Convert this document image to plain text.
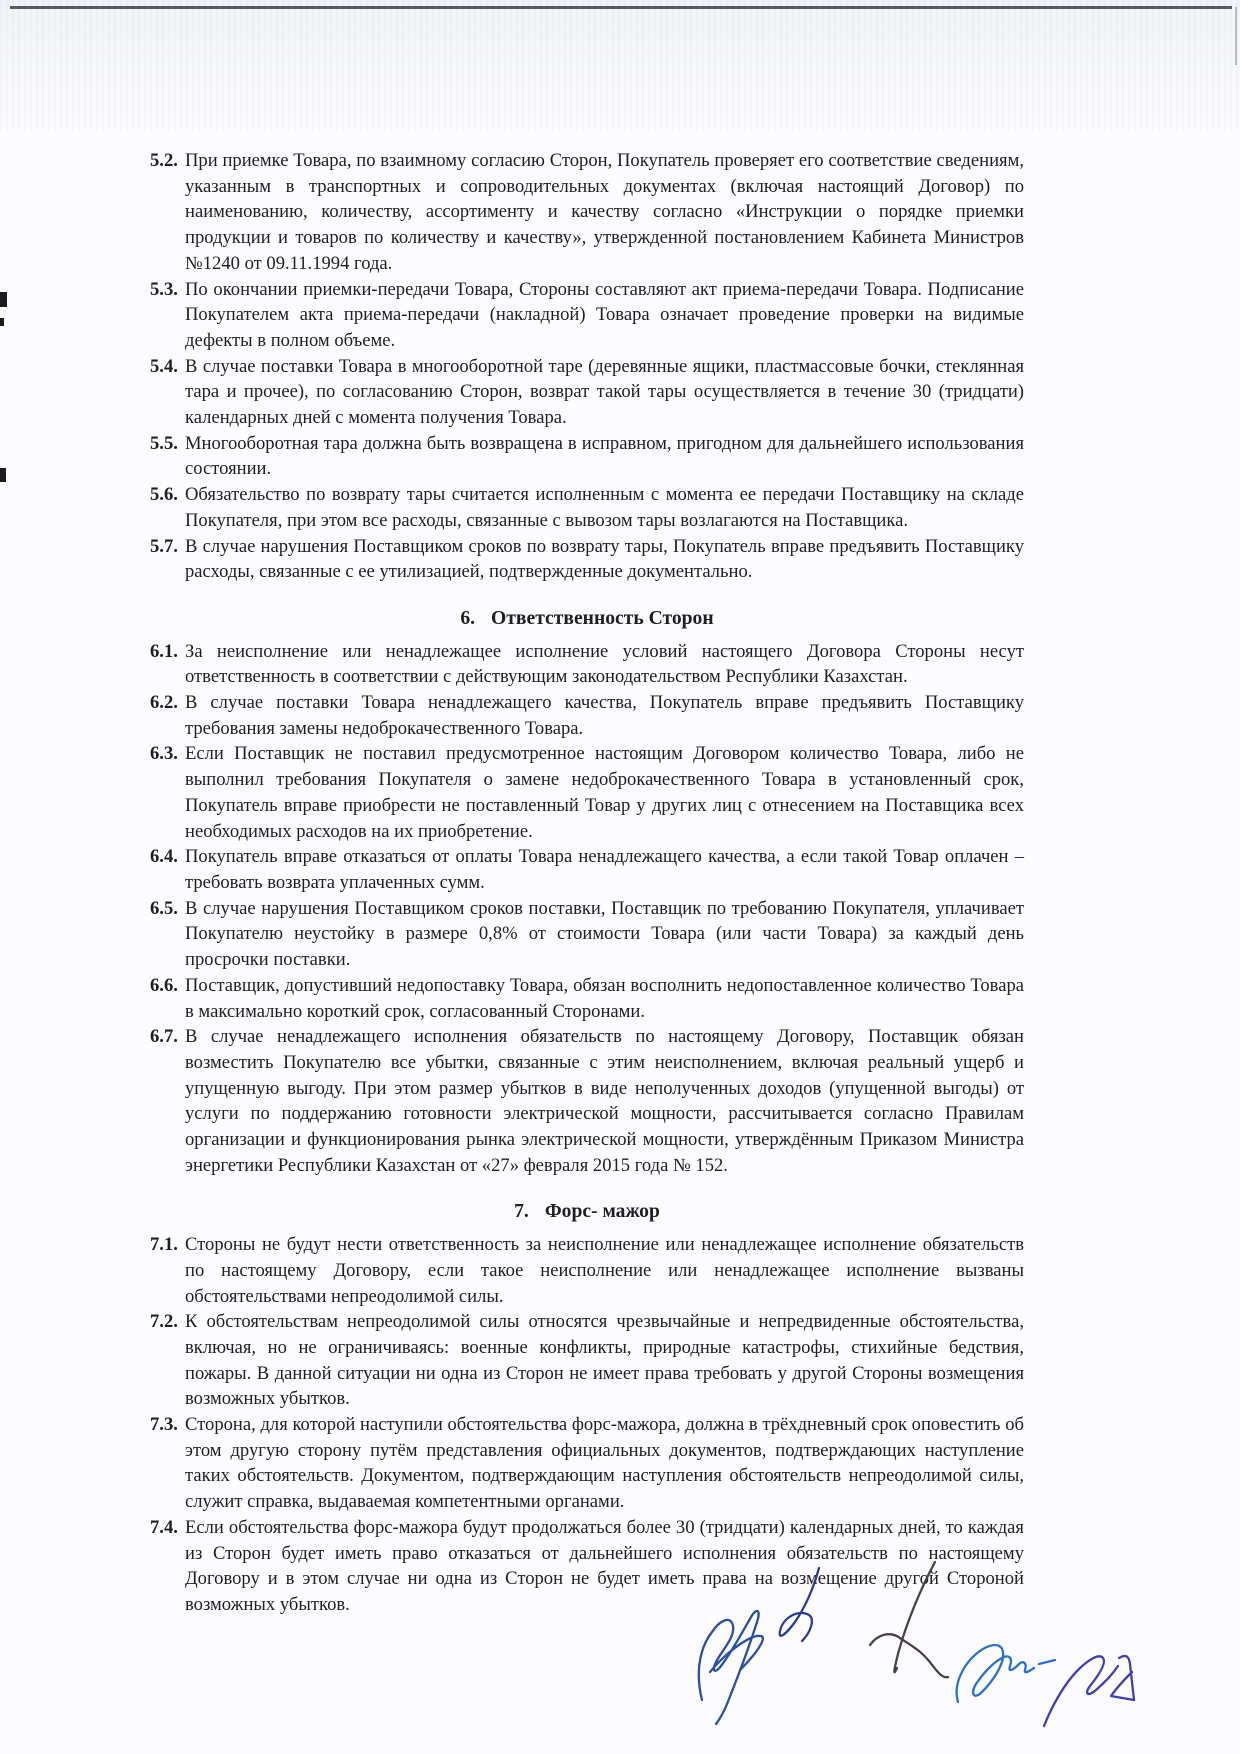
5.2. При приемке Товара, по взаимному согласию Сторон, Покупатель проверяет его соответствие сведениям, указанным в транспортных и сопроводительных документах (включая настоящий Договор) по наименованию, количеству, ассортименту и качеству согласно «Инструкции о порядке приемки продукции и товаров по количеству и качеству», утвержденной постановлением Кабинета Министров №1240 от 09.11.1994 года.
5.3. По окончании приемки-передачи Товара, Стороны составляют акт приема-передачи Товара. Подписание Покупателем акта приема-передачи (накладной) Товара означает проведение проверки на видимые дефекты в полном объеме.
5.4. В случае поставки Товара в многооборотной таре (деревянные ящики, пластмассовые бочки, стеклянная тара и прочее), по согласованию Сторон, возврат такой тары осуществляется в течение 30 (тридцати) календарных дней с момента получения Товара.
5.5. Многооборотная тара должна быть возвращена в исправном, пригодном для дальнейшего использования состоянии.
5.6. Обязательство по возврату тары считается исполненным с момента ее передачи Поставщику на складе Покупателя, при этом все расходы, связанные с вывозом тары возлагаются на Поставщика.
5.7. В случае нарушения Поставщиком сроков по возврату тары, Покупатель вправе предъявить Поставщику расходы, связанные с ее утилизацией, подтвержденные документально.
6. Ответственность Сторон
6.1. За неисполнение или ненадлежащее исполнение условий настоящего Договора Стороны несут ответственность в соответствии с действующим законодательством Республики Казахстан.
6.2. В случае поставки Товара ненадлежащего качества, Покупатель вправе предъявить Поставщику требования замены недоброкачественного Товара.
6.3. Если Поставщик не поставил предусмотренное настоящим Договором количество Товара, либо не выполнил требования Покупателя о замене недоброкачественного Товара в установленный срок, Покупатель вправе приобрести не поставленный Товар у других лиц с отнесением на Поставщика всех необходимых расходов на их приобретение.
6.4. Покупатель вправе отказаться от оплаты Товара ненадлежащего качества, а если такой Товар оплачен – требовать возврата уплаченных сумм.
6.5. В случае нарушения Поставщиком сроков поставки, Поставщик по требованию Покупателя, уплачивает Покупателю неустойку в размере 0,8% от стоимости Товара (или части Товара) за каждый день просрочки поставки.
6.6. Поставщик, допустивший недопоставку Товара, обязан восполнить недопоставленное количество Товара в максимально короткий срок, согласованный Сторонами.
6.7. В случае ненадлежащего исполнения обязательств по настоящему Договору, Поставщик обязан возместить Покупателю все убытки, связанные с этим неисполнением, включая реальный ущерб и упущенную выгоду. При этом размер убытков в виде неполученных доходов (упущенной выгоды) от услуги по поддержанию готовности электрической мощности, рассчитывается согласно Правилам организации и функционирования рынка электрической мощности, утверждённым Приказом Министра энергетики Республики Казахстан от «27» февраля 2015 года № 152.
7. Форс- мажор
7.1. Стороны не будут нести ответственность за неисполнение или ненадлежащее исполнение обязательств по настоящему Договору, если такое неисполнение или ненадлежащее исполнение вызваны обстоятельствами непреодолимой силы.
7.2. К обстоятельствам непреодолимой силы относятся чрезвычайные и непредвиденные обстоятельства, включая, но не ограничиваясь: военные конфликты, природные катастрофы, стихийные бедствия, пожары. В данной ситуации ни одна из Сторон не имеет права требовать у другой Стороны возмещения возможных убытков.
7.3. Сторона, для которой наступили обстоятельства форс-мажора, должна в трёхдневный срок оповестить об этом другую сторону путём представления официальных документов, подтверждающих наступление таких обстоятельств. Документом, подтверждающим наступления обстоятельств непреодолимой силы, служит справка, выдаваемая компетентными органами.
7.4. Если обстоятельства форс-мажора будут продолжаться более 30 (тридцати) календарных дней, то каждая из Сторон будет иметь право отказаться от дальнейшего исполнения обязательств по настоящему Договору и в этом случае ни одна из Сторон не будет иметь права на возмещение другой Стороной возможных убытков.
